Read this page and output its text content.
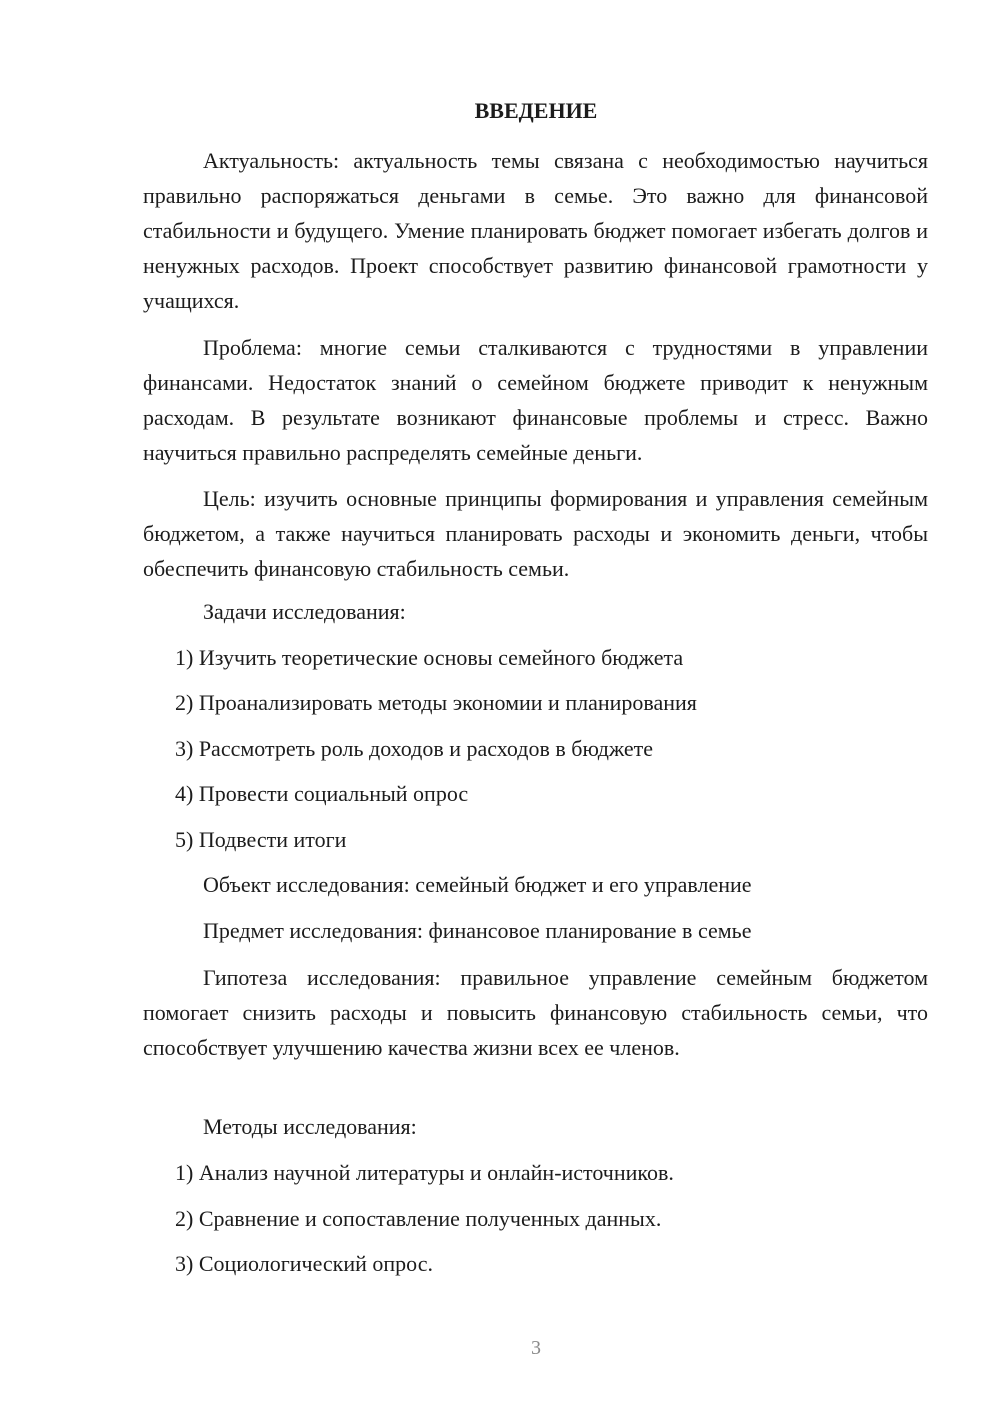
ВВЕДЕНИЕ

Актуальность: актуальность темы связана с необходимостью научиться правильно распоряжаться деньгами в семье. Это важно для финансовой стабильности и будущего. Умение планировать бюджет помогает избегать долгов и ненужных расходов. Проект способствует развитию финансовой грамотности у учащихся.

Проблема: многие семьи сталкиваются с трудностями в управлении финансами. Недостаток знаний о семейном бюджете приводит к ненужным расходам. В результате возникают финансовые проблемы и стресс. Важно научиться правильно распределять семейные деньги.

Цель: изучить основные принципы формирования и управления семейным бюджетом, а также научиться планировать расходы и экономить деньги, чтобы обеспечить финансовую стабильность семьи.

Задачи исследования:

1) Изучить теоретические основы семейного бюджета

2) Проанализировать методы экономии и планирования

3) Рассмотреть роль доходов и расходов в бюджете

4) Провести социальный опрос

5) Подвести итоги

Объект исследования: семейный бюджет и его управление

Предмет исследования: финансовое планирование в семье

Гипотеза исследования: правильное управление семейным бюджетом помогает снизить расходы и повысить финансовую стабильность семьи, что способствует улучшению качества жизни всех ее членов.

Методы исследования:

1) Анализ научной литературы и онлайн-источников.

2) Сравнение и сопоставление полученных данных.

3) Социологический опрос.

3
